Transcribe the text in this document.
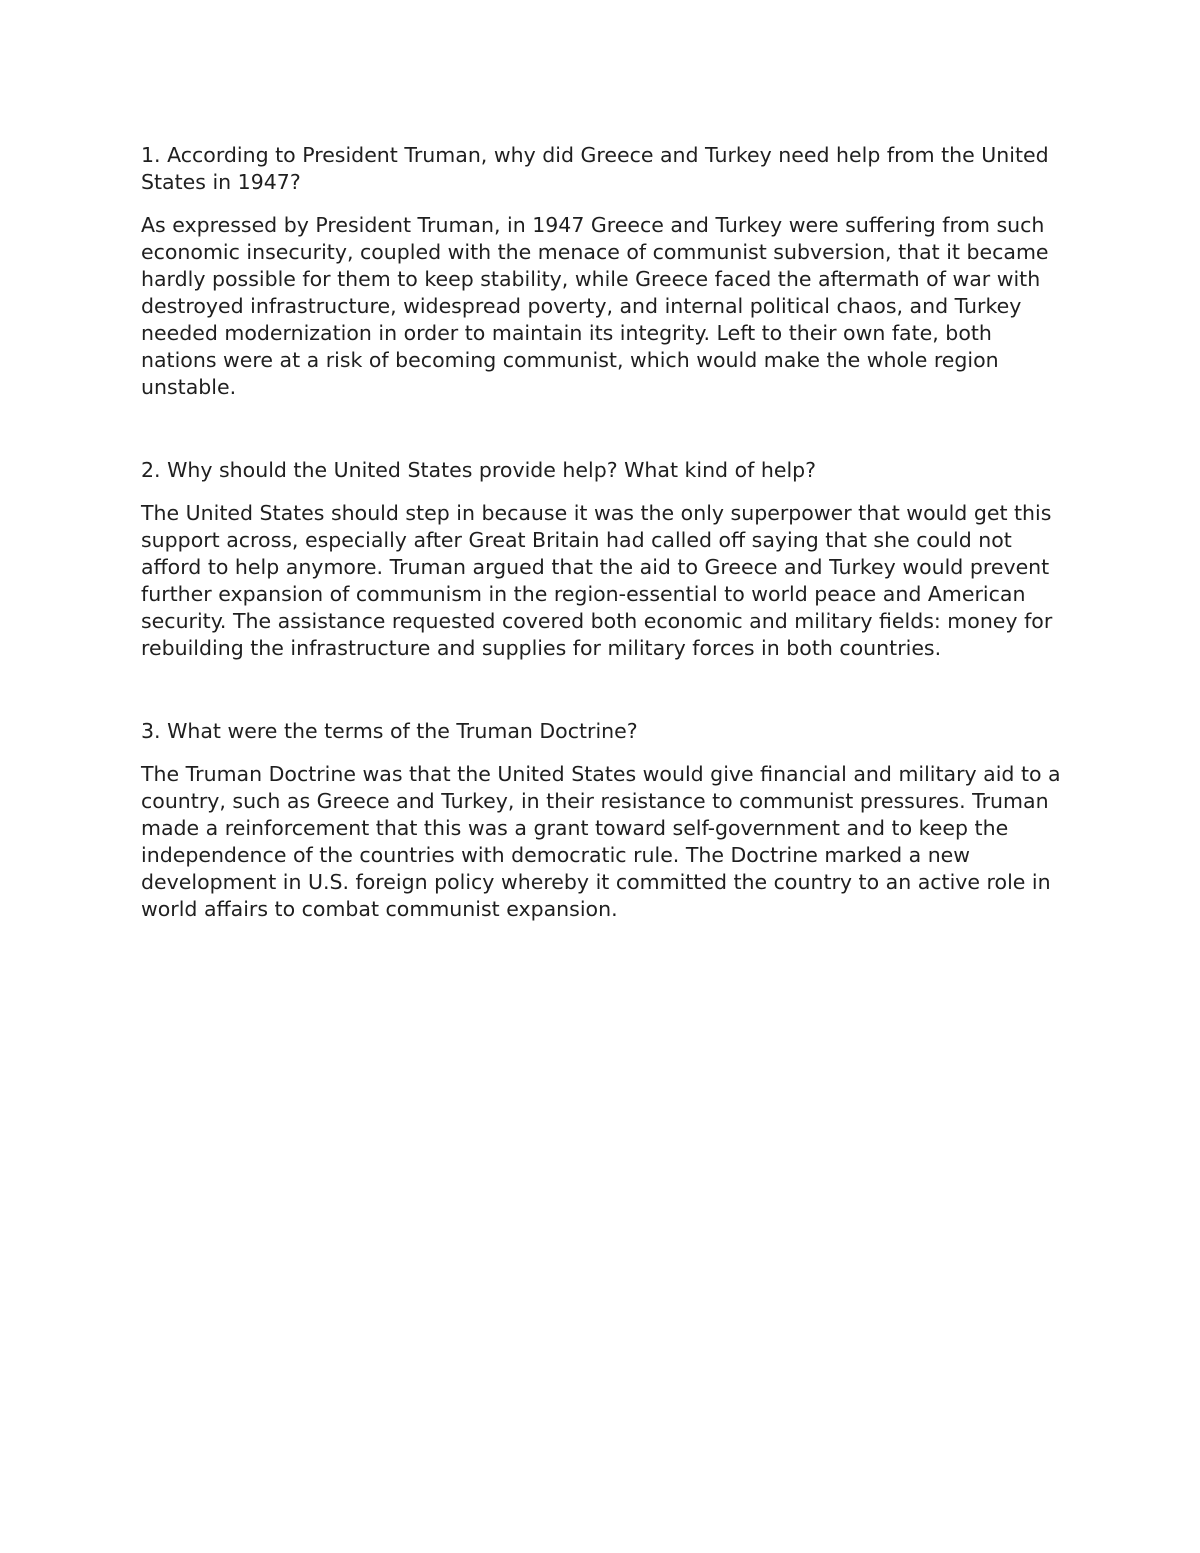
1. According to President Truman, why did Greece and Turkey need help from the United States in 1947?

As expressed by President Truman, in 1947 Greece and Turkey were suffering from such economic insecurity, coupled with the menace of communist subversion, that it became hardly possible for them to keep stability, while Greece faced the aftermath of war with destroyed infrastructure, widespread poverty, and internal political chaos, and Turkey needed modernization in order to maintain its integrity. Left to their own fate, both nations were at a risk of becoming communist, which would make the whole region unstable.

2. Why should the United States provide help? What kind of help?

The United States should step in because it was the only superpower that would get this support across, especially after Great Britain had called off saying that she could not afford to help anymore. Truman argued that the aid to Greece and Turkey would prevent further expansion of communism in the region-essential to world peace and American security. The assistance requested covered both economic and military fields: money for rebuilding the infrastructure and supplies for military forces in both countries.

3. What were the terms of the Truman Doctrine?

The Truman Doctrine was that the United States would give financial and military aid to a country, such as Greece and Turkey, in their resistance to communist pressures. Truman made a reinforcement that this was a grant toward self-government and to keep the independence of the countries with democratic rule. The Doctrine marked a new development in U.S. foreign policy whereby it committed the country to an active role in world affairs to combat communist expansion.
